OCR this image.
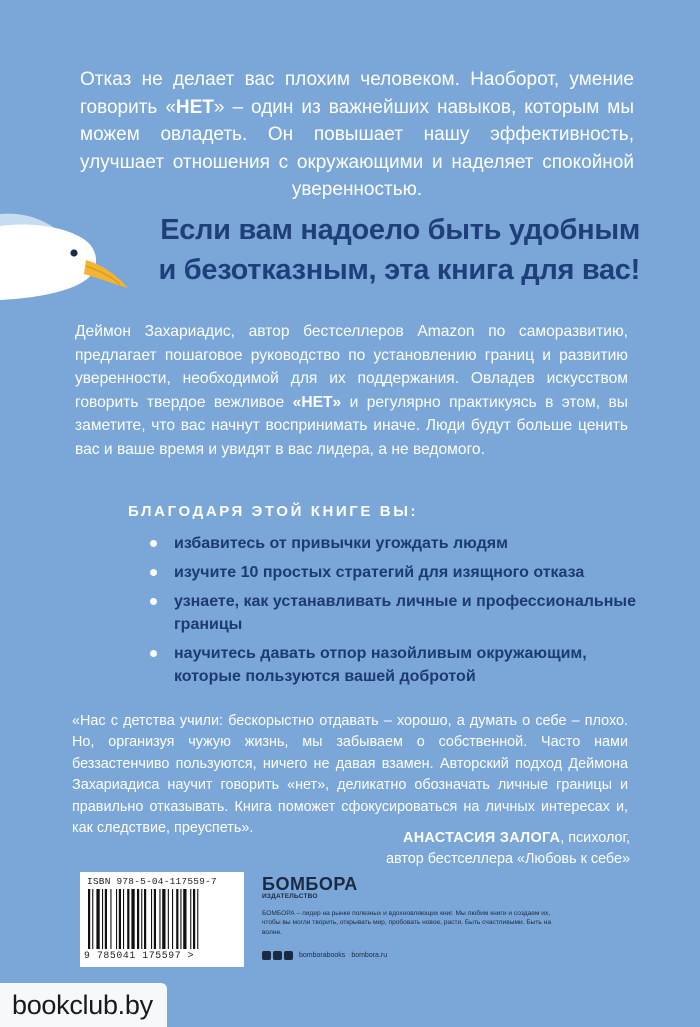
Отказ не делает вас плохим человеком. Наоборот, умение говорить «НЕТ» – один из важнейших навыков, которым мы можем овладеть. Он повышает нашу эффективность, улучшает отношения с окружающими и наделяет спокойной уверенностью.

Если вам надоело быть удобным
и безотказным, эта книга для вас!

Деймон Захариадис, автор бестселлеров Amazon по саморазвитию, предлагает пошаговое руководство по установлению границ и развитию уверенности, необходимой для их поддержания. Овладев искусством говорить твердое вежливое «НЕТ» и регулярно практикуясь в этом, вы заметите, что вас начнут воспринимать иначе. Люди будут больше ценить вас и ваше время и увидят в вас лидера, а не ведомого.

БЛАГОДАРЯ ЭТОЙ КНИГЕ ВЫ:
избавитесь от привычки угождать людям
изучите 10 простых стратегий для изящного отказа
узнаете, как устанавливать личные и профессиональные границы
научитесь давать отпор назойливым окружающим, которые пользуются вашей добротой

«Нас с детства учили: бескорыстно отдавать – хорошо, а думать о себе – плохо. Но, организуя чужую жизнь, мы забываем о собственной. Часто нами беззастенчиво пользуются, ничего не давая взамен. Авторский подход Деймона Захариадиса научит говорить «нет», деликатно обозначать личные границы и правильно отказывать. Книга поможет сфокусироваться на личных интересах и, как следствие, преуспеть».

АНАСТАСИЯ ЗАЛОГА, психолог,
автор бестселлера «Любовь к себе»
ISBN 978-5-04-117559-7
9 785041 175597 >
БОМБОРА
ИЗДАТЕЛЬСТВО
БОМБОРА – лидер на рынке полезных и вдохновляющих книг. Мы любим книги и создаем их, чтобы вы могли творить, открывать мир, пробовать новое, расти. Быть счастливыми. Быть на волне.
bomborabooks bombora.ru
bookclub.by
